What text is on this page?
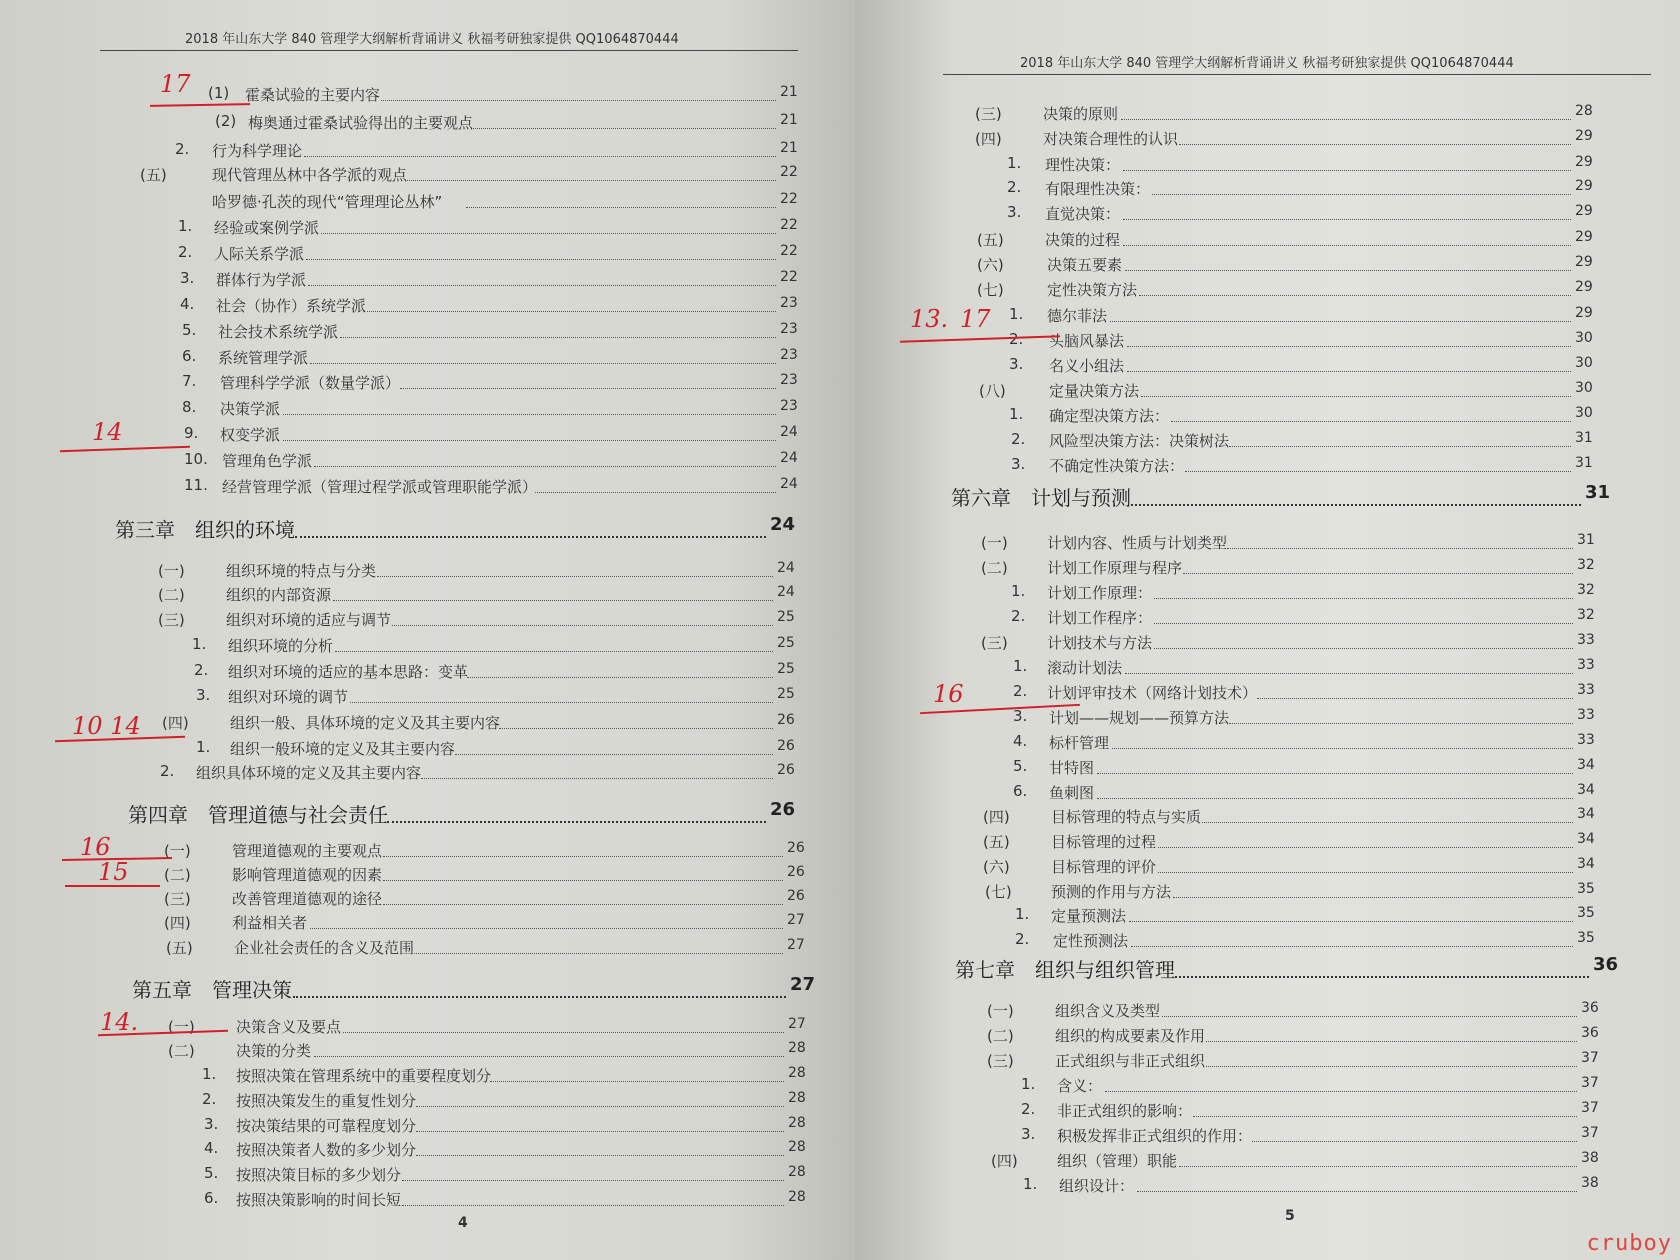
2018 年山东大学 840 管理学大纲解析背诵讲义 秋福考研独家提供 QQ1064870444
(1) 霍桑试验的主要内容	21
(2) 梅奥通过霍桑试验得出的主要观点	21
2. 行为科学理论	21
(五)	现代管理丛林中各学派的观点	22
哈罗德·孔茨的现代“管理理论丛林”	22
1. 经验或案例学派	22
2. 人际关系学派	22
3. 群体行为学派	22
4. 社会（协作）系统学派	23
5. 社会技术系统学派	23
6. 系统管理学派	23
7. 管理科学学派（数量学派）	23
8. 决策学派	23
9. 权变学派	24
10. 管理角色学派	24
11. 经营管理学派（管理过程学派或管理职能学派）	24
第三章　组织的环境	24
(一)	组织环境的特点与分类	24
(二)	组织的内部资源	24
(三)	组织对环境的适应与调节	25
1. 组织环境的分析	25
2. 组织对环境的适应的基本思路：变革	25
3. 组织对环境的调节	25
(四)	组织一般、具体环境的定义及其主要内容	26
1. 组织一般环境的定义及其主要内容	26
2. 组织具体环境的定义及其主要内容	26
第四章　管理道德与社会责任	26
(一)	管理道德观的主要观点	26
(二)	影响管理道德观的因素	26
(三)	改善管理道德观的途径	26
(四)	利益相关者	27
(五)	企业社会责任的含义及范围	27
第五章　管理决策	27
(一)	决策含义及要点	27
(二)	决策的分类	28
1. 按照决策在管理系统中的重要程度划分	28
2. 按照决策发生的重复性划分	28
3. 按决策结果的可靠程度划分	28
4. 按照决策者人数的多少划分	28
5. 按照决策目标的多少划分	28
6. 按照决策影响的时间长短	28
4
17
14
10 14
16
15
14.
2018 年山东大学 840 管理学大纲解析背诵讲义 秋福考研独家提供 QQ1064870444
(三)	决策的原则	28
(四)	对决策合理性的认识	29
1. 理性决策：	29
2. 有限理性决策：	29
3. 直觉决策：	29
(五)	决策的过程	29
(六)	决策五要素	29
(七)	定性决策方法	29
1. 德尔菲法	29
2. 头脑风暴法	30
3. 名义小组法	30
(八)	定量决策方法	30
1. 确定型决策方法：	30
2. 风险型决策方法：决策树法	31
3. 不确定性决策方法：	31
第六章　计划与预测	31
(一)	计划内容、性质与计划类型	31
(二)	计划工作原理与程序	32
1. 计划工作原理：	32
2. 计划工作程序：	32
(三)	计划技术与方法	33
1. 滚动计划法	33
2. 计划评审技术（网络计划技术）	33
3. 计划——规划——预算方法	33
4. 标杆管理	33
5. 甘特图	34
6. 鱼刺图	34
(四)	目标管理的特点与实质	34
(五)	目标管理的过程	34
(六)	目标管理的评价	34
(七)	预测的作用与方法	35
1. 定量预测法	35
2. 定性预测法	35
第七章　组织与组织管理	36
(一)	组织含义及类型	36
(二)	组织的构成要素及作用	36
(三)	正式组织与非正式组织	37
1. 含义：	37
2. 非正式组织的影响：	37
3. 积极发挥非正式组织的作用：	37
(四)	组织（管理）职能	38
1. 组织设计：	38
5
13. 17
16
cruboy
